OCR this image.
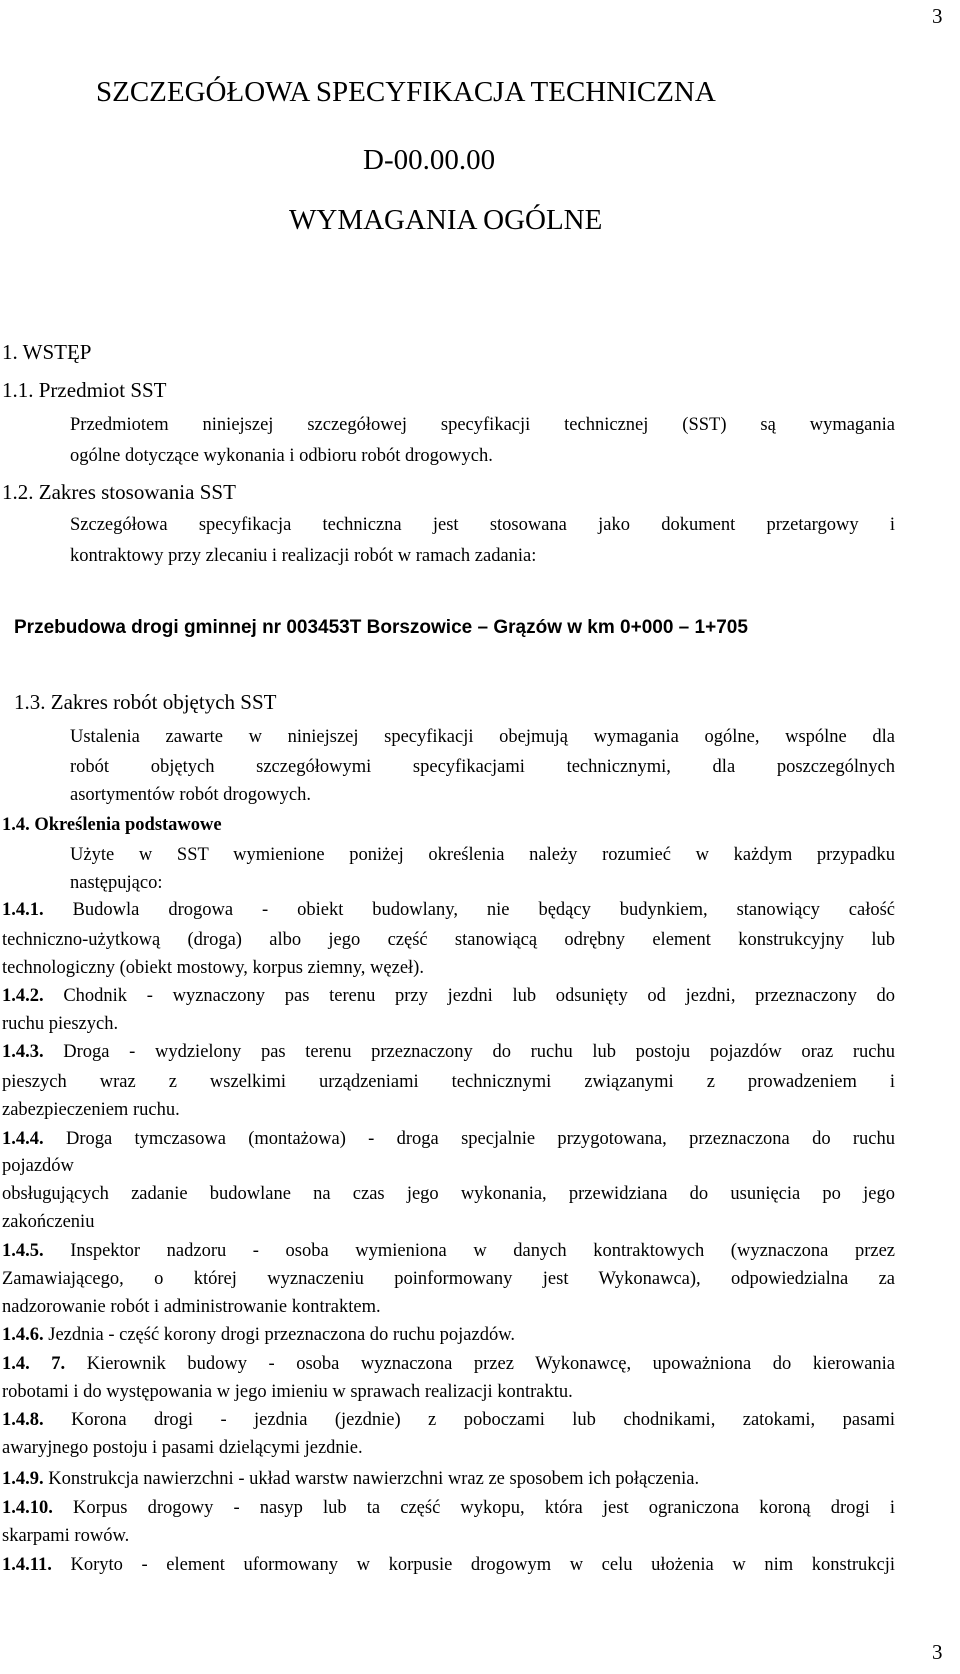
3
SZCZEGÓŁOWA SPECYFIKACJA TECHNICZNA
D-00.00.00
WYMAGANIA OGÓLNE
1. WSTĘP
1.1. Przedmiot SST
Przedmiotem niniejszej szczegółowej specyfikacji technicznej (SST) są wymagania
ogólne dotyczące wykonania i odbioru robót drogowych.
1.2. Zakres stosowania SST
Szczegółowa specyfikacja techniczna jest stosowana jako dokument przetargowy i
kontraktowy przy zlecaniu i realizacji robót w ramach zadania:
Przebudowa drogi gminnej nr 003453T Borszowice – Grązów w km 0+000 – 1+705
1.3. Zakres robót objętych SST
Ustalenia zawarte w niniejszej specyfikacji obejmują wymagania ogólne, wspólne dla
robót objętych szczegółowymi specyfikacjami technicznymi, dla poszczególnych
asortymentów robót drogowych.
1.4. Określenia podstawowe
Użyte w SST wymienione poniżej określenia należy rozumieć w każdym przypadku
następująco:
1.4.1. Budowla drogowa - obiekt budowlany, nie będący budynkiem, stanowiący całość
techniczno-użytkową (droga) albo jego część stanowiącą odrębny element konstrukcyjny lub
technologiczny (obiekt mostowy, korpus ziemny, węzeł).
1.4.2. Chodnik - wyznaczony pas terenu przy jezdni lub odsunięty od jezdni, przeznaczony do
ruchu pieszych.
1.4.3. Droga - wydzielony pas terenu przeznaczony do ruchu lub postoju pojazdów oraz ruchu
pieszych wraz z wszelkimi urządzeniami technicznymi związanymi z prowadzeniem i
zabezpieczeniem ruchu.
1.4.4. Droga tymczasowa (montażowa) - droga specjalnie przygotowana, przeznaczona do ruchu
pojazdów
obsługujących zadanie budowlane na czas jego wykonania, przewidziana do usunięcia po jego
zakończeniu
1.4.5. Inspektor nadzoru - osoba wymieniona w danych kontraktowych (wyznaczona przez
Zamawiającego, o której wyznaczeniu poinformowany jest Wykonawca), odpowiedzialna za
nadzorowanie robót i administrowanie kontraktem.
1.4.6. Jezdnia - część korony drogi przeznaczona do ruchu pojazdów.
1.4. 7. Kierownik budowy - osoba wyznaczona przez Wykonawcę, upoważniona do kierowania
robotami i do występowania w jego imieniu w sprawach realizacji kontraktu.
1.4.8. Korona drogi - jezdnia (jezdnie) z poboczami lub chodnikami, zatokami, pasami
awaryjnego postoju i pasami dzielącymi jezdnie.
1.4.9. Konstrukcja nawierzchni - układ warstw nawierzchni wraz ze sposobem ich połączenia.
1.4.10. Korpus drogowy - nasyp lub ta część wykopu, która jest ograniczona koroną drogi i
skarpami rowów.
1.4.11. Koryto - element uformowany w korpusie drogowym w celu ułożenia w nim konstrukcji
3
